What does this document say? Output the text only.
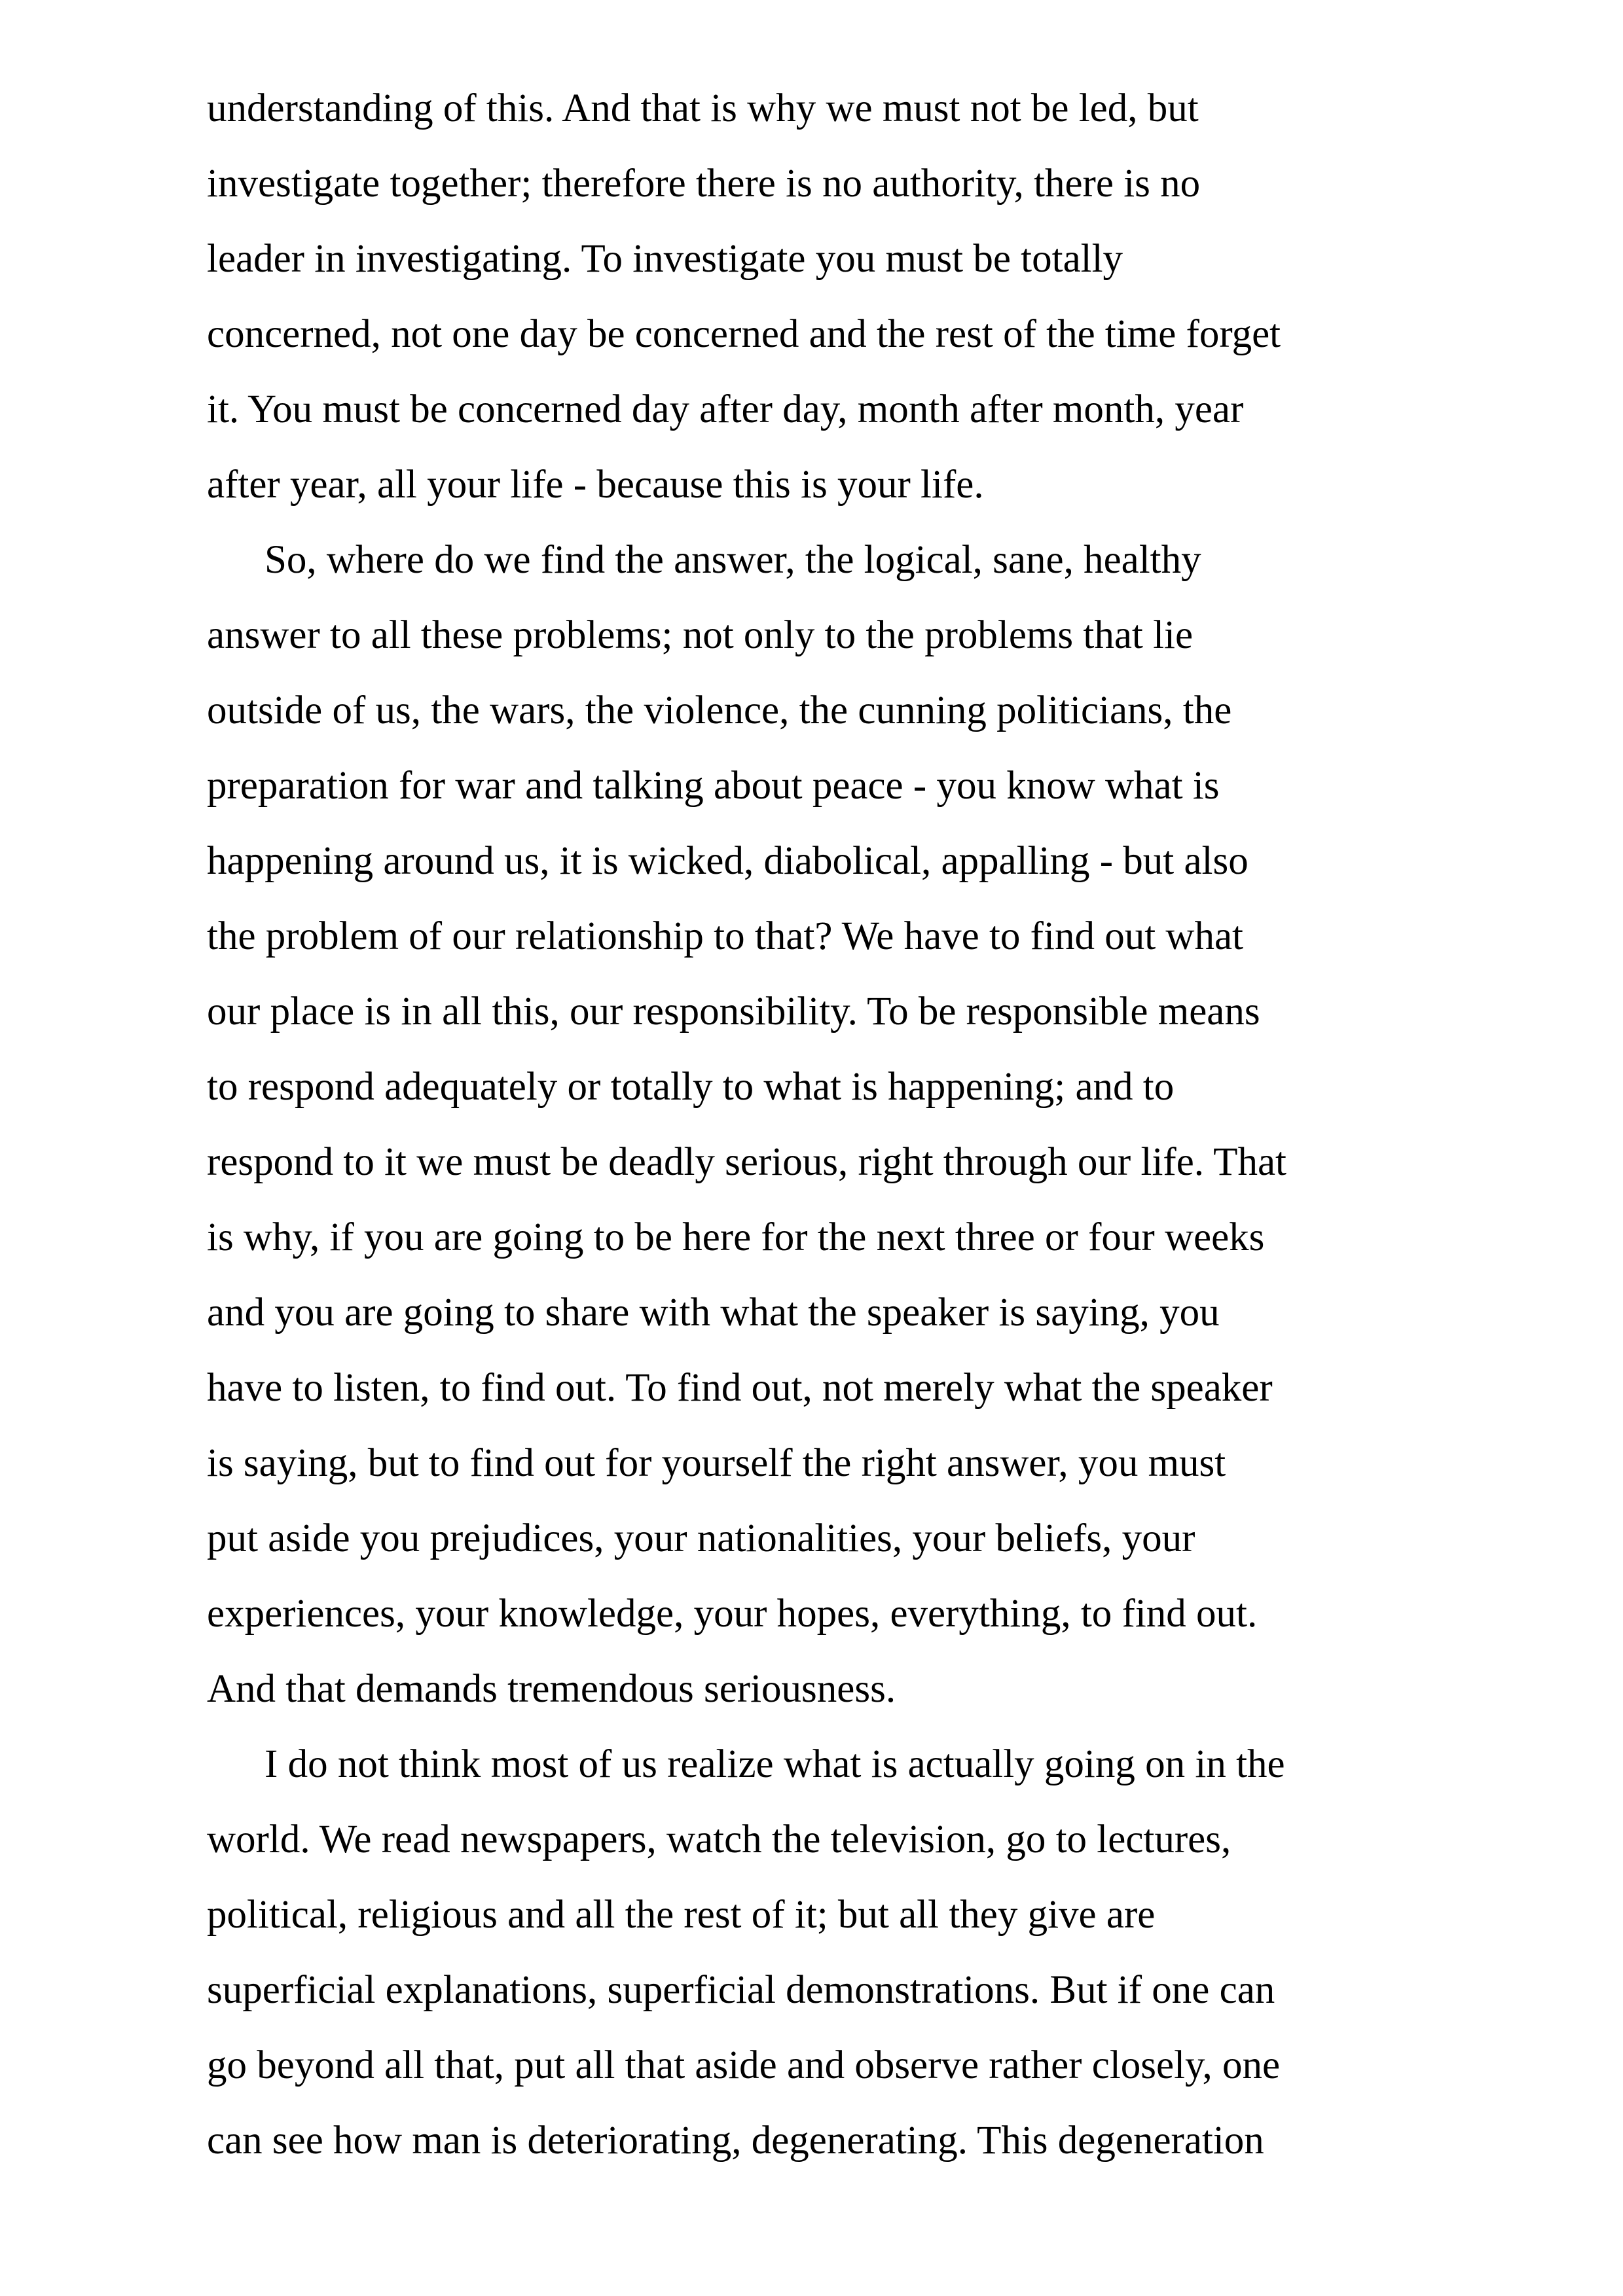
understanding of this. And that is why we must not be led, but
investigate together; therefore there is no authority, there is no
leader in investigating. To investigate you must be totally
concerned, not one day be concerned and the rest of the time forget
it. You must be concerned day after day, month after month, year
after year, all your life - because this is your life.
So, where do we find the answer, the logical, sane, healthy
answer to all these problems; not only to the problems that lie
outside of us, the wars, the violence, the cunning politicians, the
preparation for war and talking about peace - you know what is
happening around us, it is wicked, diabolical, appalling - but also
the problem of our relationship to that? We have to find out what
our place is in all this, our responsibility. To be responsible means
to respond adequately or totally to what is happening; and to
respond to it we must be deadly serious, right through our life. That
is why, if you are going to be here for the next three or four weeks
and you are going to share with what the speaker is saying, you
have to listen, to find out. To find out, not merely what the speaker
is saying, but to find out for yourself the right answer, you must
put aside you prejudices, your nationalities, your beliefs, your
experiences, your knowledge, your hopes, everything, to find out.
And that demands tremendous seriousness.
I do not think most of us realize what is actually going on in the
world. We read newspapers, watch the television, go to lectures,
political, religious and all the rest of it; but all they give are
superficial explanations, superficial demonstrations. But if one can
go beyond all that, put all that aside and observe rather closely, one
can see how man is deteriorating, degenerating. This degeneration
